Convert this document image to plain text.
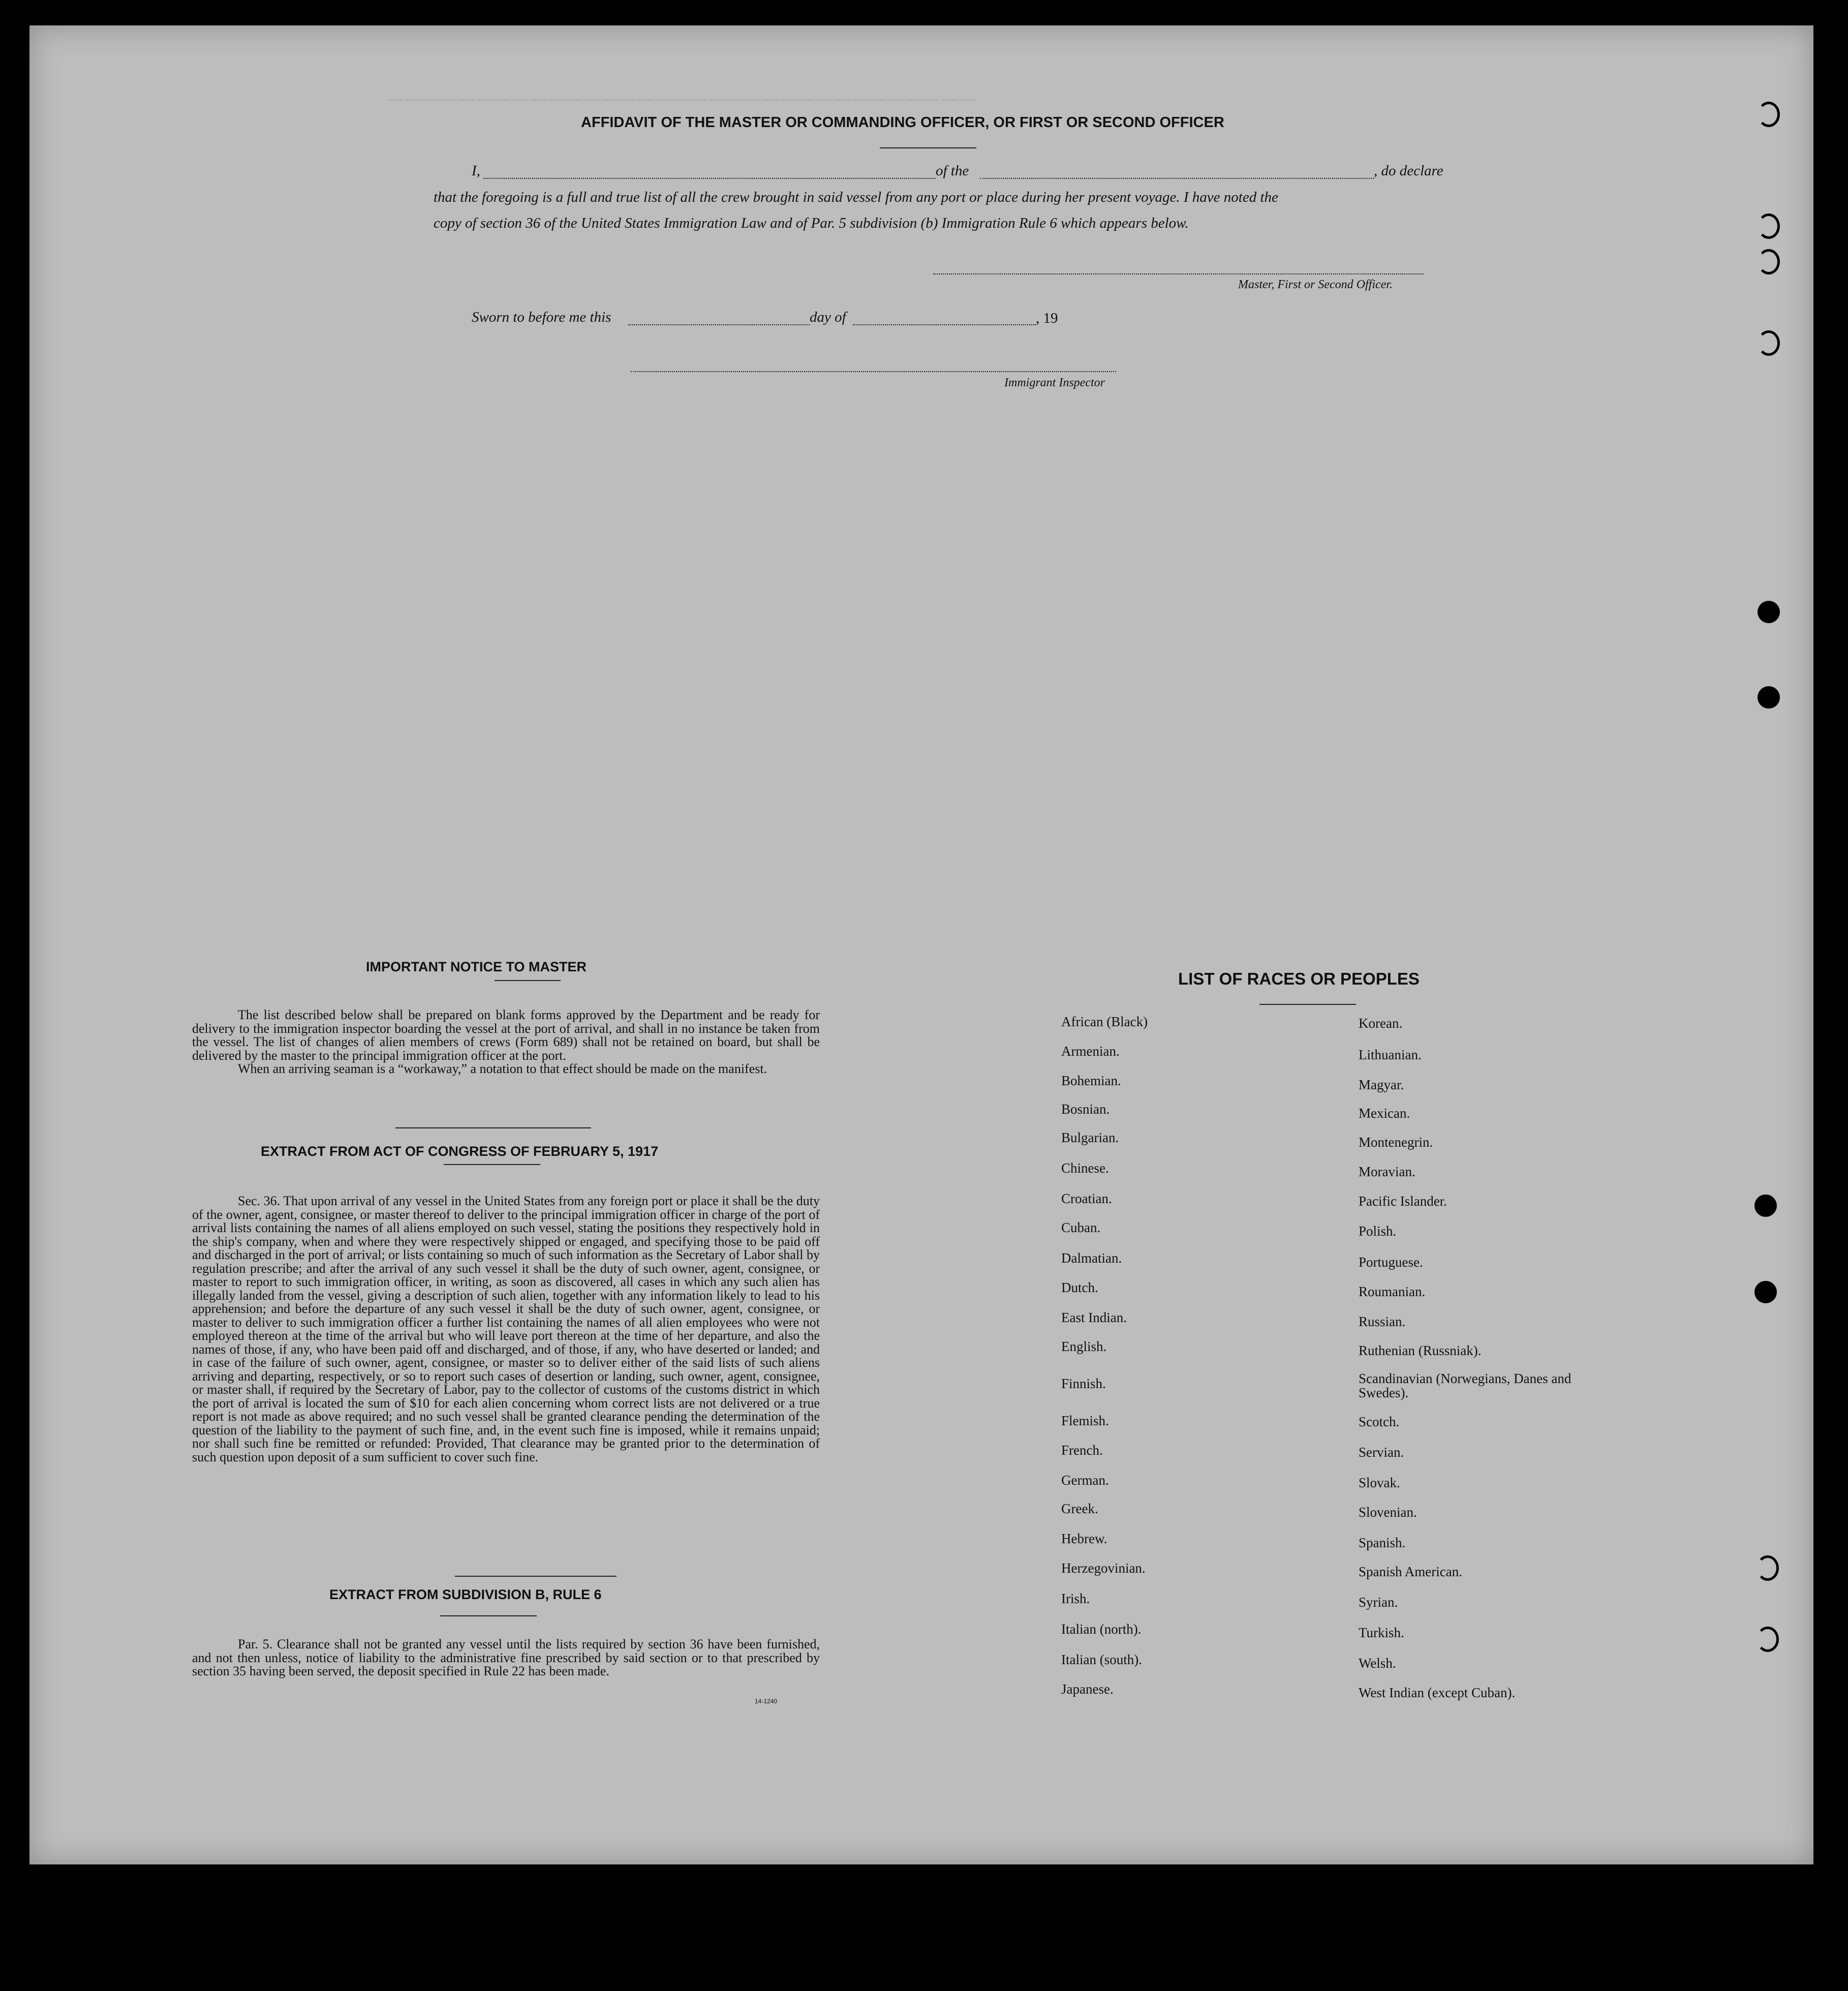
─────────────────────────────────
AFFIDAVIT OF THE MASTER OR COMMANDING OFFICER, OR FIRST OR SECOND OFFICER
I,	of the	, do declare
that the foregoing is a full and true list of all the crew brought in said vessel from any port or place during her present voyage. I have noted the
copy of section 36 of the United States Immigration Law and of Par. 5 subdivision (b) Immigration Rule 6 which appears below.
Master, First or Second Officer.
Sworn to before me this	day of	, 19
Immigrant Inspector
IMPORTANT NOTICE TO MASTER

The list described below shall be prepared on blank forms approved by the Department and be ready for delivery to the immigration inspector boarding the vessel at the port of arrival, and shall in no instance be taken from the vessel. The list of changes of alien members of crews (Form 689) shall not be retained on board, but shall be delivered by the master to the principal immigration officer at the port.

When an arriving seaman is a “workaway,” a notation to that effect should be made on the manifest.

EXTRACT FROM ACT OF CONGRESS OF FEBRUARY 5, 1917

Sec. 36. That upon arrival of any vessel in the United States from any foreign port or place it shall be the duty of the owner, agent, consignee, or master thereof to deliver to the principal immigration officer in charge of the port of arrival lists containing the names of all aliens employed on such vessel, stating the positions they respectively hold in the ship's company, when and where they were respectively shipped or engaged, and specifying those to be paid off and discharged in the port of arrival; or lists containing so much of such information as the Secretary of Labor shall by regulation prescribe; and after the arrival of any such vessel it shall be the duty of such owner, agent, consignee, or master to report to such immigration officer, in writing, as soon as discovered, all cases in which any such alien has illegally landed from the vessel, giving a description of such alien, together with any information likely to lead to his apprehension; and before the departure of any such vessel it shall be the duty of such owner, agent, consignee, or master to deliver to such immigration officer a further list containing the names of all alien employees who were not employed thereon at the time of the arrival but who will leave port thereon at the time of her departure, and also the names of those, if any, who have been paid off and discharged, and of those, if any, who have deserted or landed; and in case of the failure of such owner, agent, consignee, or master so to deliver either of the said lists of such aliens arriving and departing, respectively, or so to report such cases of desertion or landing, such owner, agent, consignee, or master shall, if required by the Secretary of Labor, pay to the collector of customs of the customs district in which the port of arrival is located the sum of $10 for each alien concerning whom correct lists are not delivered or a true report is not made as above required; and no such vessel shall be granted clearance pending the determination of the question of the liability to the payment of such fine, and, in the event such fine is imposed, while it remains unpaid; nor shall such fine be remitted or refunded: Provided, That clearance may be granted prior to the determination of such question upon deposit of a sum sufficient to cover such fine.

EXTRACT FROM SUBDIVISION B, RULE 6

Par. 5. Clearance shall not be granted any vessel until the lists required by section 36 have been furnished, and not then unless, notice of liability to the administrative fine prescribed by said section or to that prescribed by section 35 having been served, the deposit specified in Rule 22 has been made.

14-1240
LIST OF RACES OR PEOPLES
African (Black)
Armenian.
Bohemian.
Bosnian.
Bulgarian.
Chinese.
Croatian.
Cuban.
Dalmatian.
Dutch.
East Indian.
English.
Finnish.
Flemish.
French.
German.
Greek.
Hebrew.
Herzegovinian.
Irish.
Italian (north).
Italian (south).
Japanese.
Korean.
Lithuanian.
Magyar.
Mexican.
Montenegrin.
Moravian.
Pacific Islander.
Polish.
Portuguese.
Roumanian.
Russian.
Ruthenian (Russniak).
Scandinavian (Norwegians, Danes and Swedes).
Scotch.
Servian.
Slovak.
Slovenian.
Spanish.
Spanish American.
Syrian.
Turkish.
Welsh.
West Indian (except Cuban).
